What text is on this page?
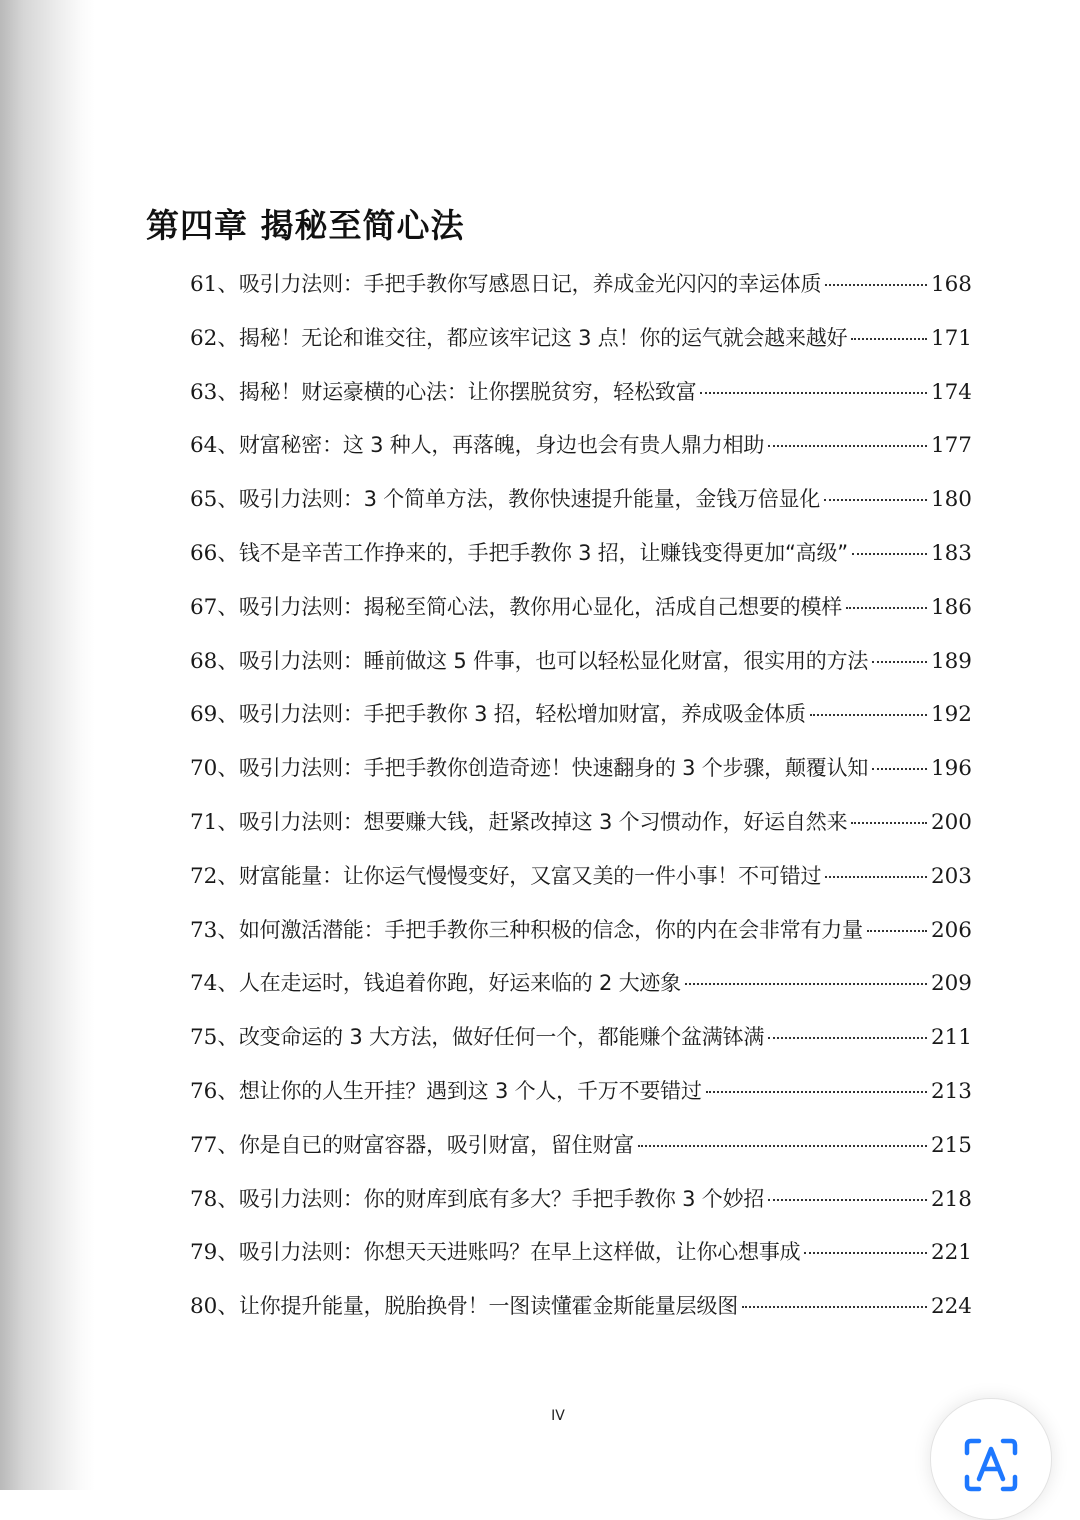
第四章 揭秘至简心法
61 、 吸引力法则：手把手教你写感恩日记，养成金光闪闪的幸运体质	168
62 、 揭秘！无论和谁交往，都应该牢记这 3 点！你的运气就会越来越好	171
63 、 揭秘！财运豪横的心法：让你摆脱贫穷，轻松致富	174
64 、 财富秘密：这 3 种人，再落魄，身边也会有贵人鼎力相助	177
65 、 吸引力法则：3 个简单方法，教你快速提升能量，金钱万倍显化	180
66 、 钱不是辛苦工作挣来的，手把手教你 3 招，让赚钱变得更加“高级”	183
67 、 吸引力法则：揭秘至简心法，教你用心显化，活成自己想要的模样	186
68 、 吸引力法则：睡前做这 5 件事，也可以轻松显化财富，很实用的方法	189
69 、 吸引力法则：手把手教你 3 招，轻松增加财富，养成吸金体质	192
70 、 吸引力法则：手把手教你创造奇迹！快速翻身的 3 个步骤，颠覆认知	196
71 、 吸引力法则：想要赚大钱，赶紧改掉这 3 个习惯动作，好运自然来	200
72 、 财富能量：让你运气慢慢变好，又富又美的一件小事！不可错过	203
73 、 如何激活潜能：手把手教你三种积极的信念，你的内在会非常有力量	206
74 、 人在走运时，钱追着你跑，好运来临的 2 大迹象	209
75 、 改变命运的 3 大方法，做好任何一个，都能赚个盆满钵满	211
76 、 想让你的人生开挂？遇到这 3 个人，千万不要错过	213
77 、 你是自已的财富容器，吸引财富，留住财富	215
78 、 吸引力法则：你的财库到底有多大？手把手教你 3 个妙招	218
79 、 吸引力法则：你想天天进账吗？在早上这样做，让你心想事成	221
80 、 让你提升能量，脱胎换骨！一图读懂霍金斯能量层级图	224
IV
